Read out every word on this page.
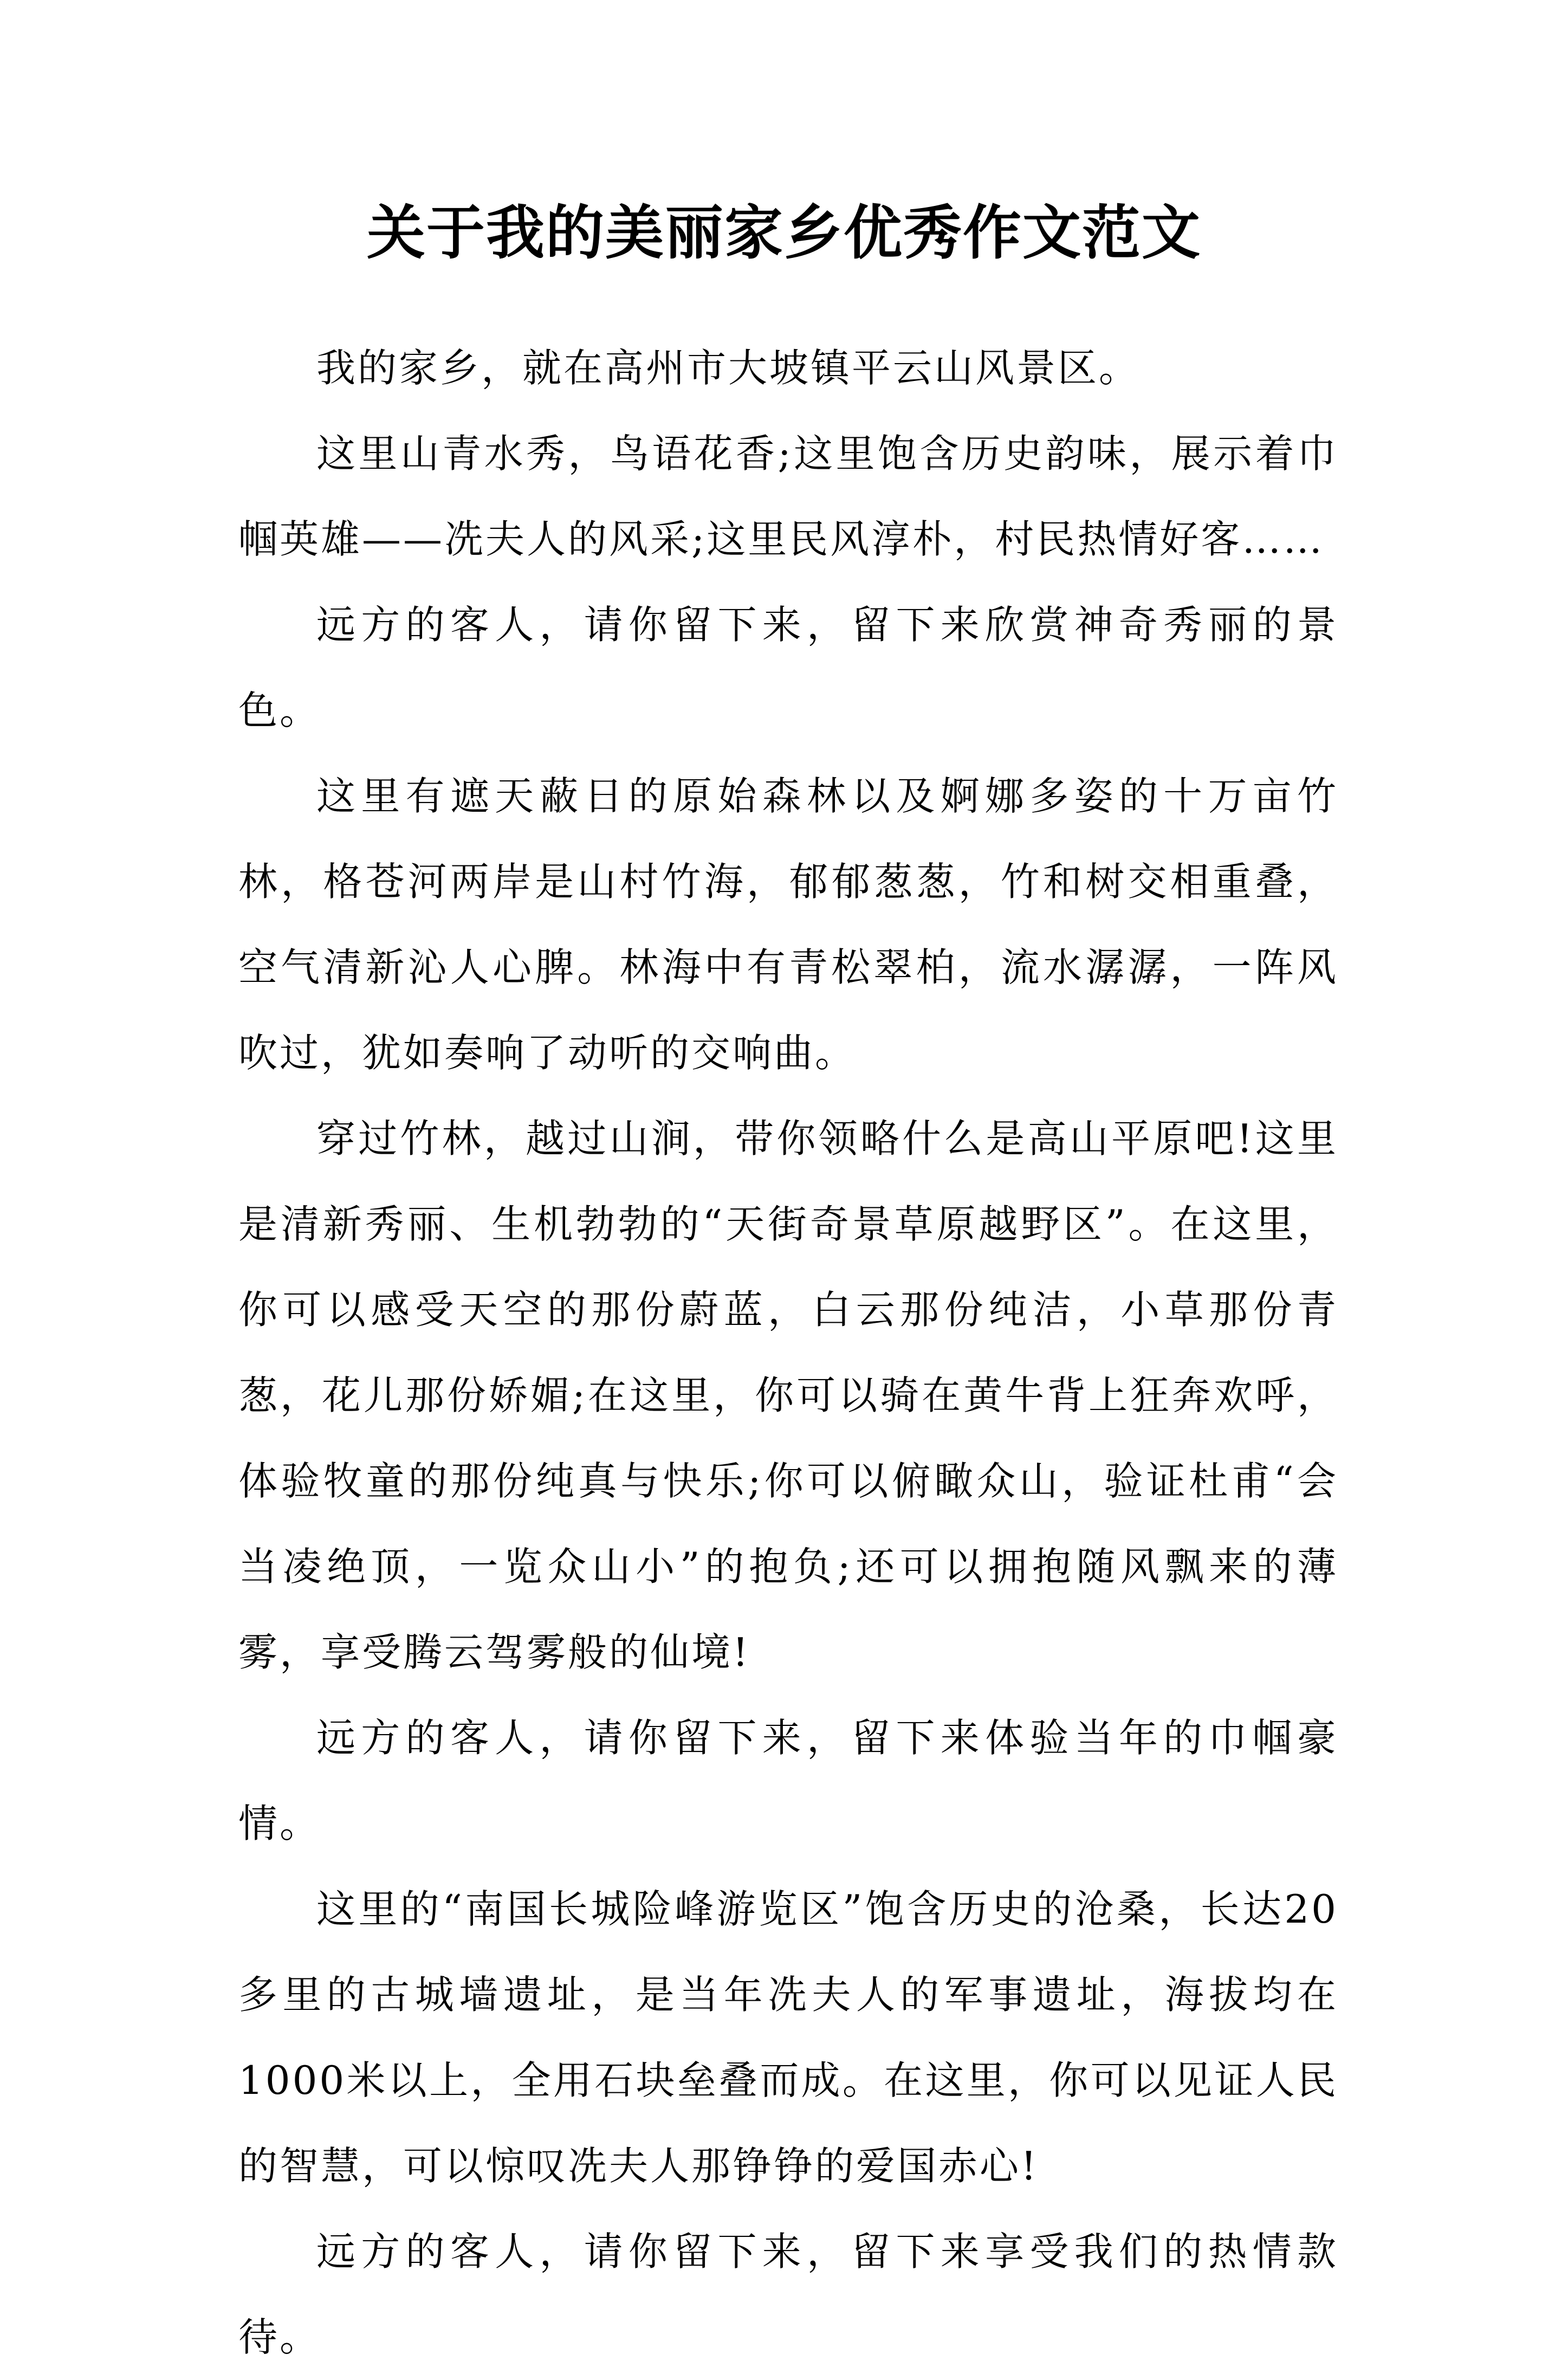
关于我的美丽家乡优秀作文范文

我的家乡，就在高州市大坡镇平云山风景区。

这里山青水秀，鸟语花香;这里饱含历史韵味，展示着巾帼英雄——冼夫人的风采;这里民风淳朴，村民热情好客……

远方的客人，请你留下来，留下来欣赏神奇秀丽的景色。

这里有遮天蔽日的原始森林以及婀娜多姿的十万亩竹林，格苍河两岸是山村竹海，郁郁葱葱，竹和树交相重叠，空气清新沁人心脾。林海中有青松翠柏，流水潺潺，一阵风吹过，犹如奏响了动听的交响曲。

穿过竹林，越过山涧，带你领略什么是高山平原吧!这里是清新秀丽、生机勃勃的“天街奇景草原越野区”。在这里，你可以感受天空的那份蔚蓝，白云那份纯洁，小草那份青葱，花儿那份娇媚;在这里，你可以骑在黄牛背上狂奔欢呼，体验牧童的那份纯真与快乐;你可以俯瞰众山，验证杜甫“会当凌绝顶，一览众山小”的抱负;还可以拥抱随风飘来的薄雾，享受腾云驾雾般的仙境!

远方的客人，请你留下来，留下来体验当年的巾帼豪情。

这里的“南国长城险峰游览区”饱含历史的沧桑，长达20多里的古城墙遗址，是当年冼夫人的军事遗址，海拔均在1000米以上，全用石块垒叠而成。在这里，你可以见证人民的智慧，可以惊叹冼夫人那铮铮的爱国赤心!

远方的客人，请你留下来，留下来享受我们的热情款待。
